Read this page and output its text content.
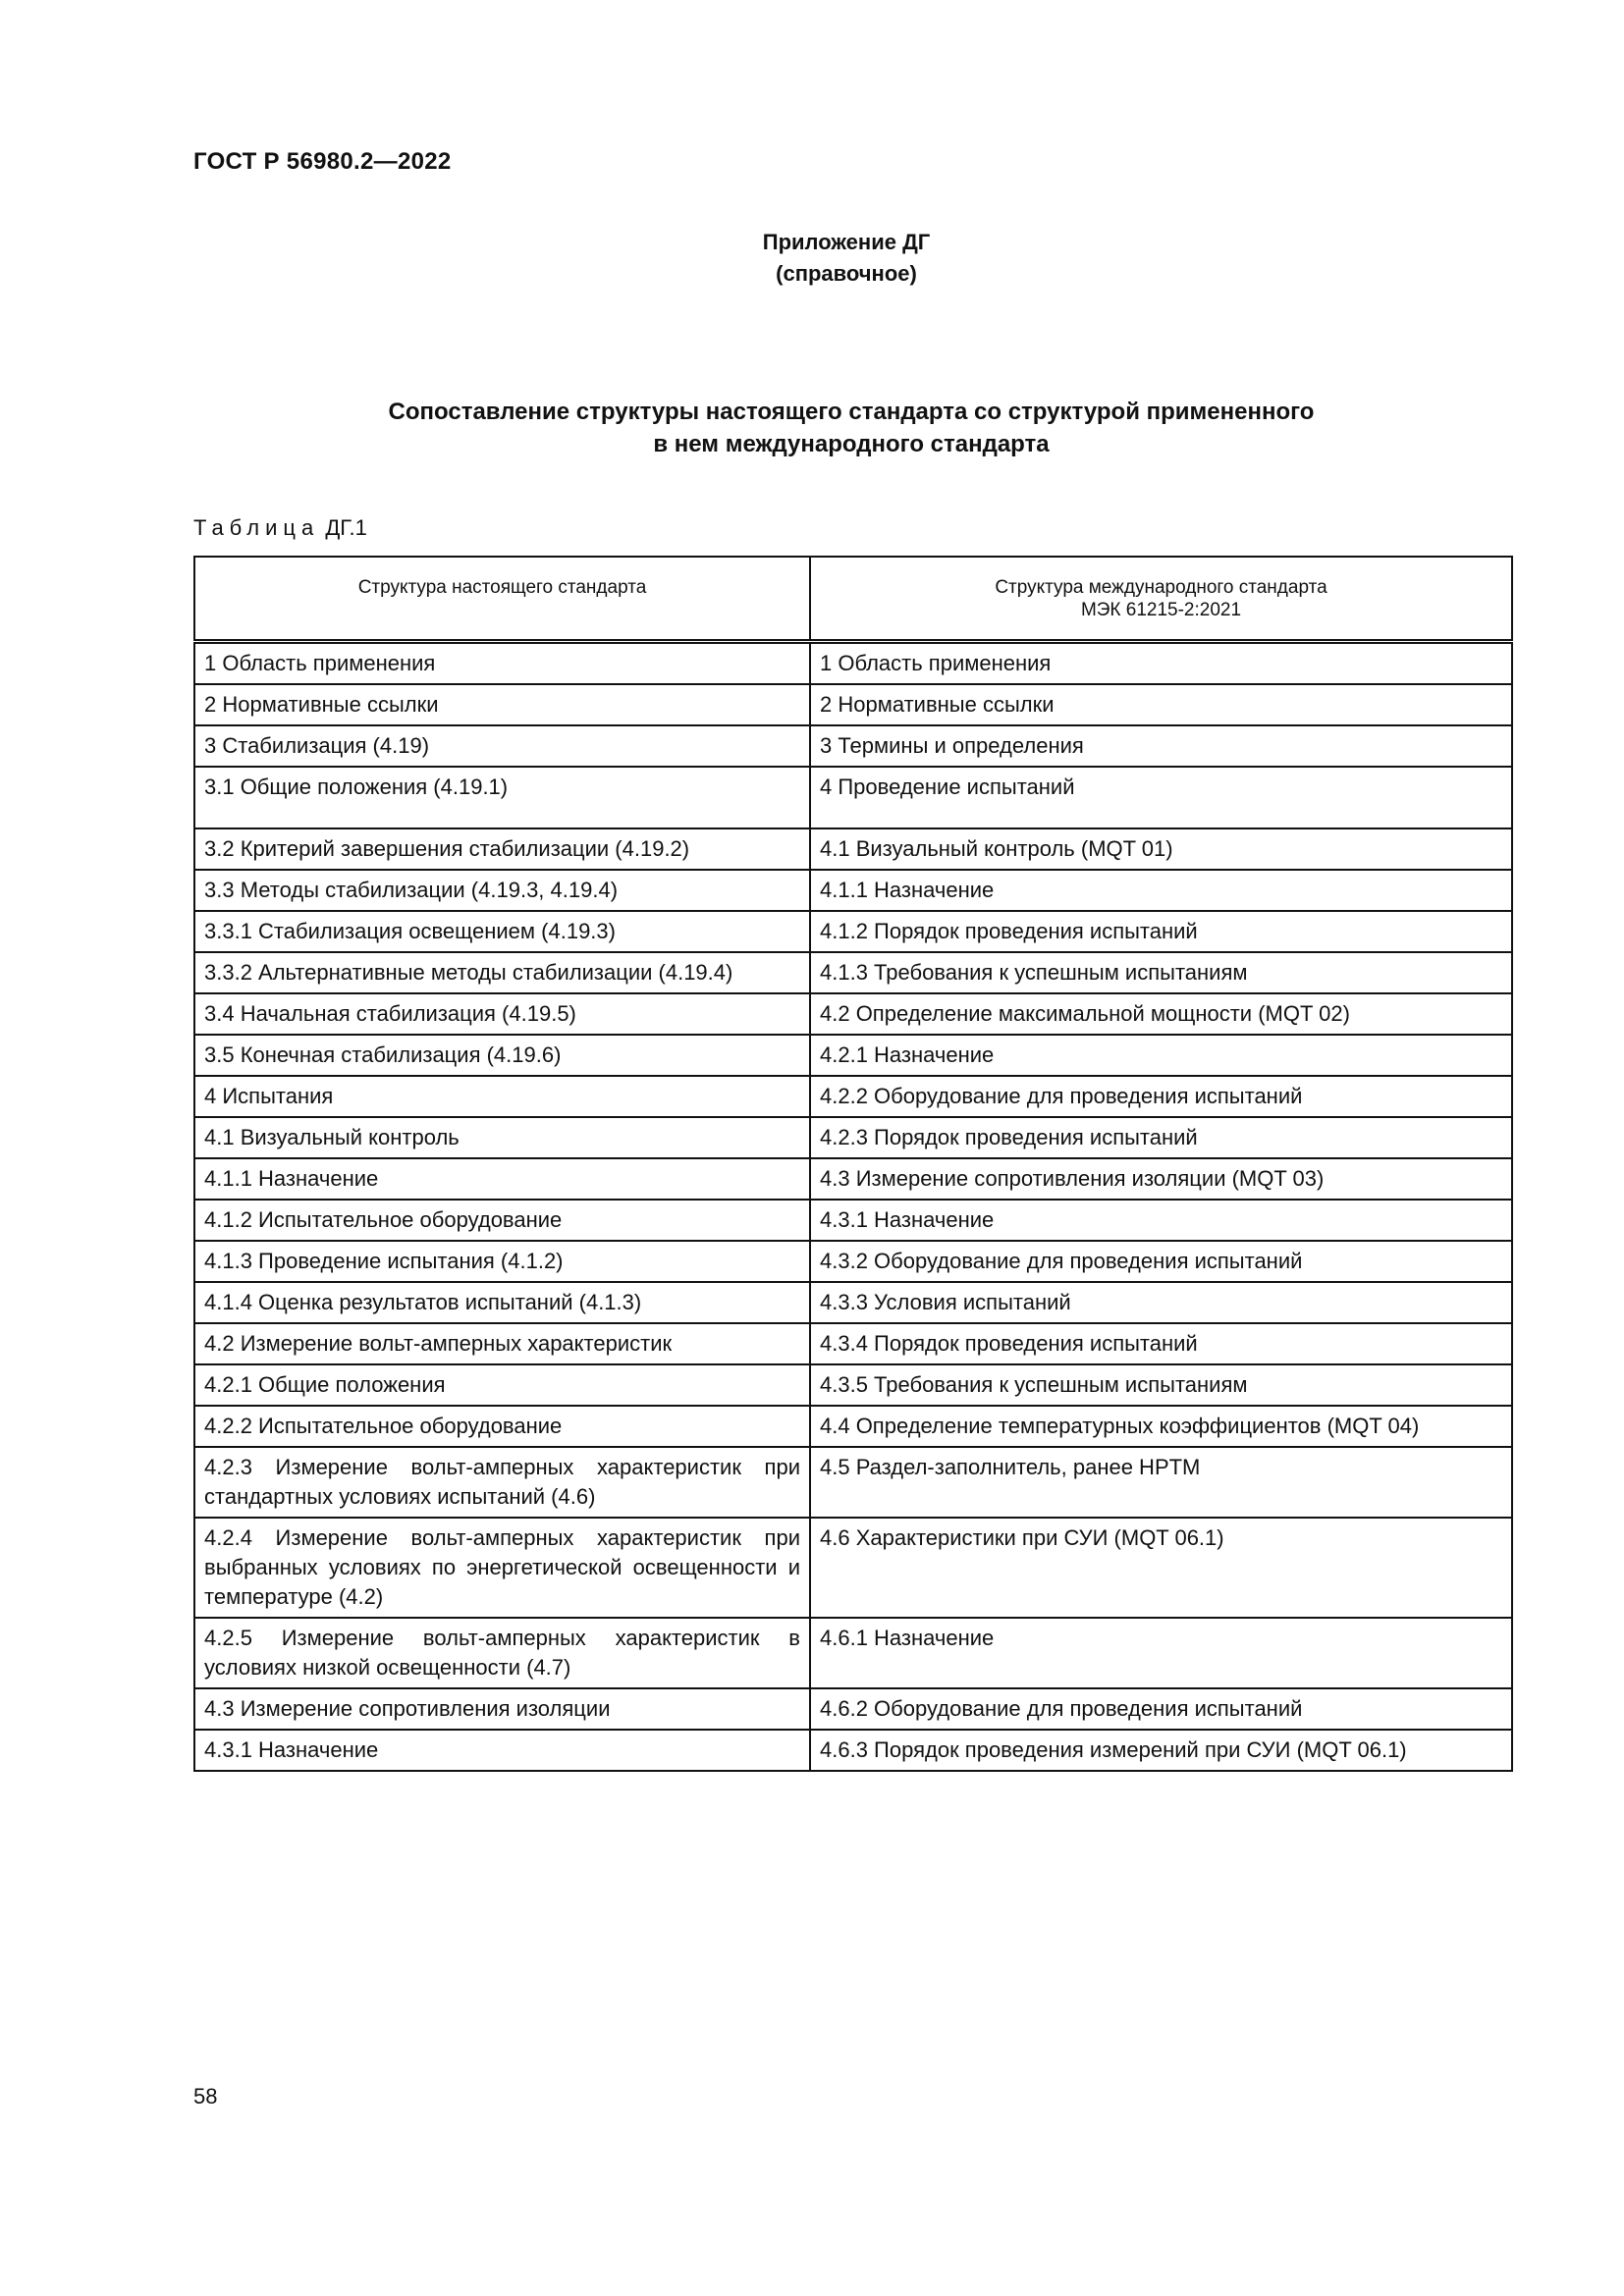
ГОСТ Р 56980.2—2022
Приложение ДГ
(справочное)
Сопоставление структуры настоящего стандарта со структурой примененного
в нем международного стандарта
Таблица ДГ.1
Структура настоящего стандарта	Структура международного стандарта
МЭК 61215-2:2021

1 Область применения	1 Область применения
2 Нормативные ссылки	2 Нормативные ссылки
3 Стабилизация (4.19)	3 Термины и определения
3.1 Общие положения (4.19.1)	4 Проведение испытаний
3.2 Критерий завершения стабилизации (4.19.2)	4.1 Визуальный контроль (MQT 01)
3.3 Методы стабилизации (4.19.3, 4.19.4)	4.1.1 Назначение
3.3.1 Стабилизация освещением (4.19.3)	4.1.2 Порядок проведения испытаний
3.3.2 Альтернативные методы стабилизации (4.19.4)	4.1.3 Требования к успешным испытаниям
3.4 Начальная стабилизация (4.19.5)	4.2 Определение максимальной мощности (MQT 02)
3.5 Конечная стабилизация (4.19.6)	4.2.1 Назначение
4 Испытания	4.2.2 Оборудование для проведения испытаний
4.1 Визуальный контроль	4.2.3 Порядок проведения испытаний
4.1.1 Назначение	4.3 Измерение сопротивления изоляции (MQT 03)
4.1.2 Испытательное оборудование	4.3.1 Назначение
4.1.3 Проведение испытания (4.1.2)	4.3.2 Оборудование для проведения испытаний
4.1.4 Оценка результатов испытаний (4.1.3)	4.3.3 Условия испытаний
4.2 Измерение вольт-амперных характеристик	4.3.4 Порядок проведения испытаний
4.2.1 Общие положения	4.3.5 Требования к успешным испытаниям
4.2.2 Испытательное оборудование	4.4 Определение температурных коэффициентов (MQT 04)
4.2.3 Измерение вольт-амперных характеристик при стандартных условиях испытаний (4.6)	4.5 Раздел-заполнитель, ранее HPTM
4.2.4 Измерение вольт-амперных характеристик при выбранных условиях по энергетической освещенности и температуре (4.2)	4.6 Характеристики при СУИ (MQT 06.1)
4.2.5 Измерение вольт-амперных характеристик в условиях низкой освещенности (4.7)	4.6.1 Назначение
4.3 Измерение сопротивления изоляции	4.6.2 Оборудование для проведения испытаний
4.3.1 Назначение	4.6.3 Порядок проведения измерений при СУИ (MQT 06.1)
58
